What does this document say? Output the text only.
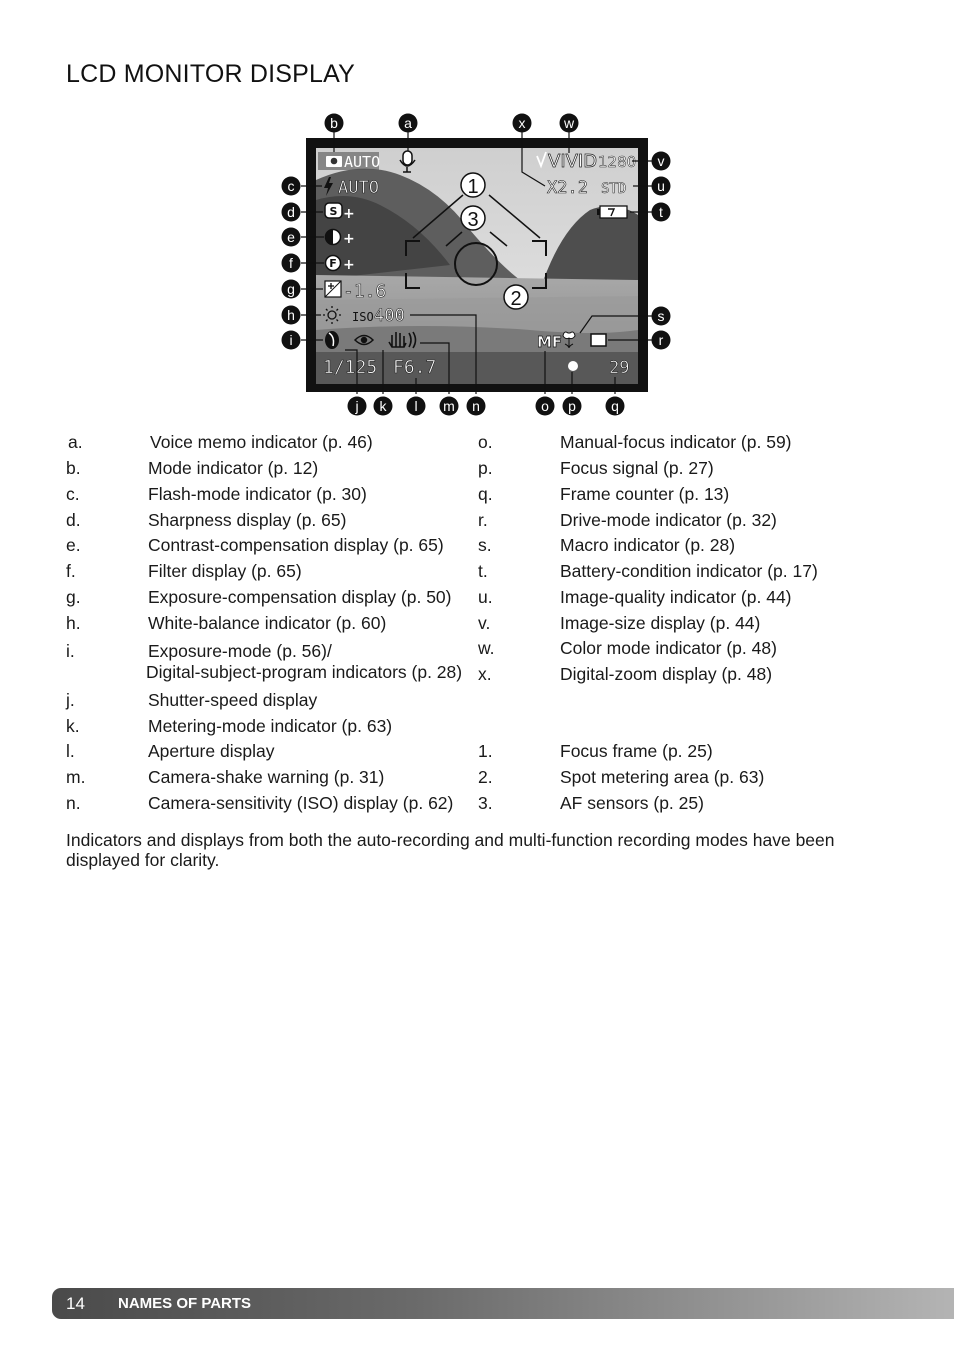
LCD MONITOR DISPLAY
1
3
2
AUTO
AUTO
S +
+
F +
-1.6
ISO 400
1/125 F6.7
VIVID 1280
X2.2 STD
MF
29
b	a	x	w
c
d
e
f
g
h
i
v
u
t
s
r
j k l m n	o p	q
a.	Voice memo indicator (p. 46)
b.	Mode indicator (p. 12)
c.	Flash-mode indicator (p. 30)
d.	Sharpness display (p. 65)
e.	Contrast-compensation display (p. 65)
f.	Filter display (p. 65)
g.	Exposure-compensation display (p. 50)
h.	White-balance indicator (p. 60)
i.	Exposure-mode (p. 56)/
Digital-subject-program indicators (p. 28)
j.	Shutter-speed display
k.	Metering-mode indicator (p. 63)
l.	Aperture display
m.	Camera-shake warning (p. 31)
n.	Camera-sensitivity (ISO) display (p. 62)
o.	Manual-focus indicator (p. 59)
p.	Focus signal (p. 27)
q.	Frame counter (p. 13)
r.	Drive-mode indicator (p. 32)
s.	Macro indicator (p. 28)
t.	Battery-condition indicator (p. 17)
u.	Image-quality indicator (p. 44)
v.	Image-size display (p. 44)
w.	Color mode indicator (p. 48)
x.	Digital-zoom display (p. 48)
1.	Focus frame (p. 25)
2.	Spot metering area (p. 63)
3.	AF sensors (p. 25)
Indicators and displays from both the auto-recording and multi-function recording modes have been displayed for clarity.
14 NAMES OF PARTS
